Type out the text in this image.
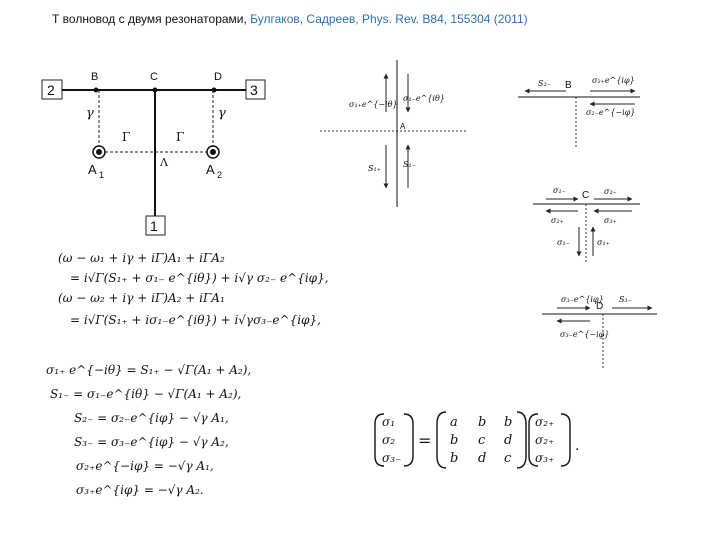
Т волновод с двумя резонаторами, Булгаков, Садреев, Phys. Rev. B84, 155304 (2011)
2	3
1
B	C	D
γ	γ
Γ	Γ
Λ
A 1	A 2
(ω − ω₁ + iγ + iΓ)A₁ + iΓA₂
= i√Γ(S₁₊ + σ₁₋ e^{iθ}) + i√γ σ₂₋ e^{iφ},
(ω − ω₂ + iγ + iΓ)A₂ + iΓA₁
= i√Γ(S₁₊ + iσ₁₋e^{iθ}) + i√γσ₃₋e^{iφ},
σ₁₊ e^{−iθ} = S₁₊ − √Γ(A₁ + A₂),
S₁₋ = σ₁₋e^{iθ} − √Γ(A₁ + A₂),
S₂₋ = σ₂₋e^{iφ} − √γ A₁,
S₃₋ = σ₃₋e^{iφ} − √γ A₂,
σ₂₊e^{−iφ} = −√γ A₁,
σ₃₊e^{iφ} = −√γ A₂.
σ₁
σ₂
σ₃₋
=
a b b
b c d
b d c
σ₂₊
σ₂₊
σ₃₊
.
σ₁₊e^{−iθ}
σ₁₋e^{iθ}
A
S₁₊	S₁₋
S₂₋ B	σ₂₊e^{iφ}
σ₂₋e^{−iφ}
C
σ₁₋	σ₂₋
σ₂₊	σ₃₊
σ₁₋	σ₁₊
D
σ₃₋e^{iφ} S₃₋
σ₃₋e^{−iφ}
